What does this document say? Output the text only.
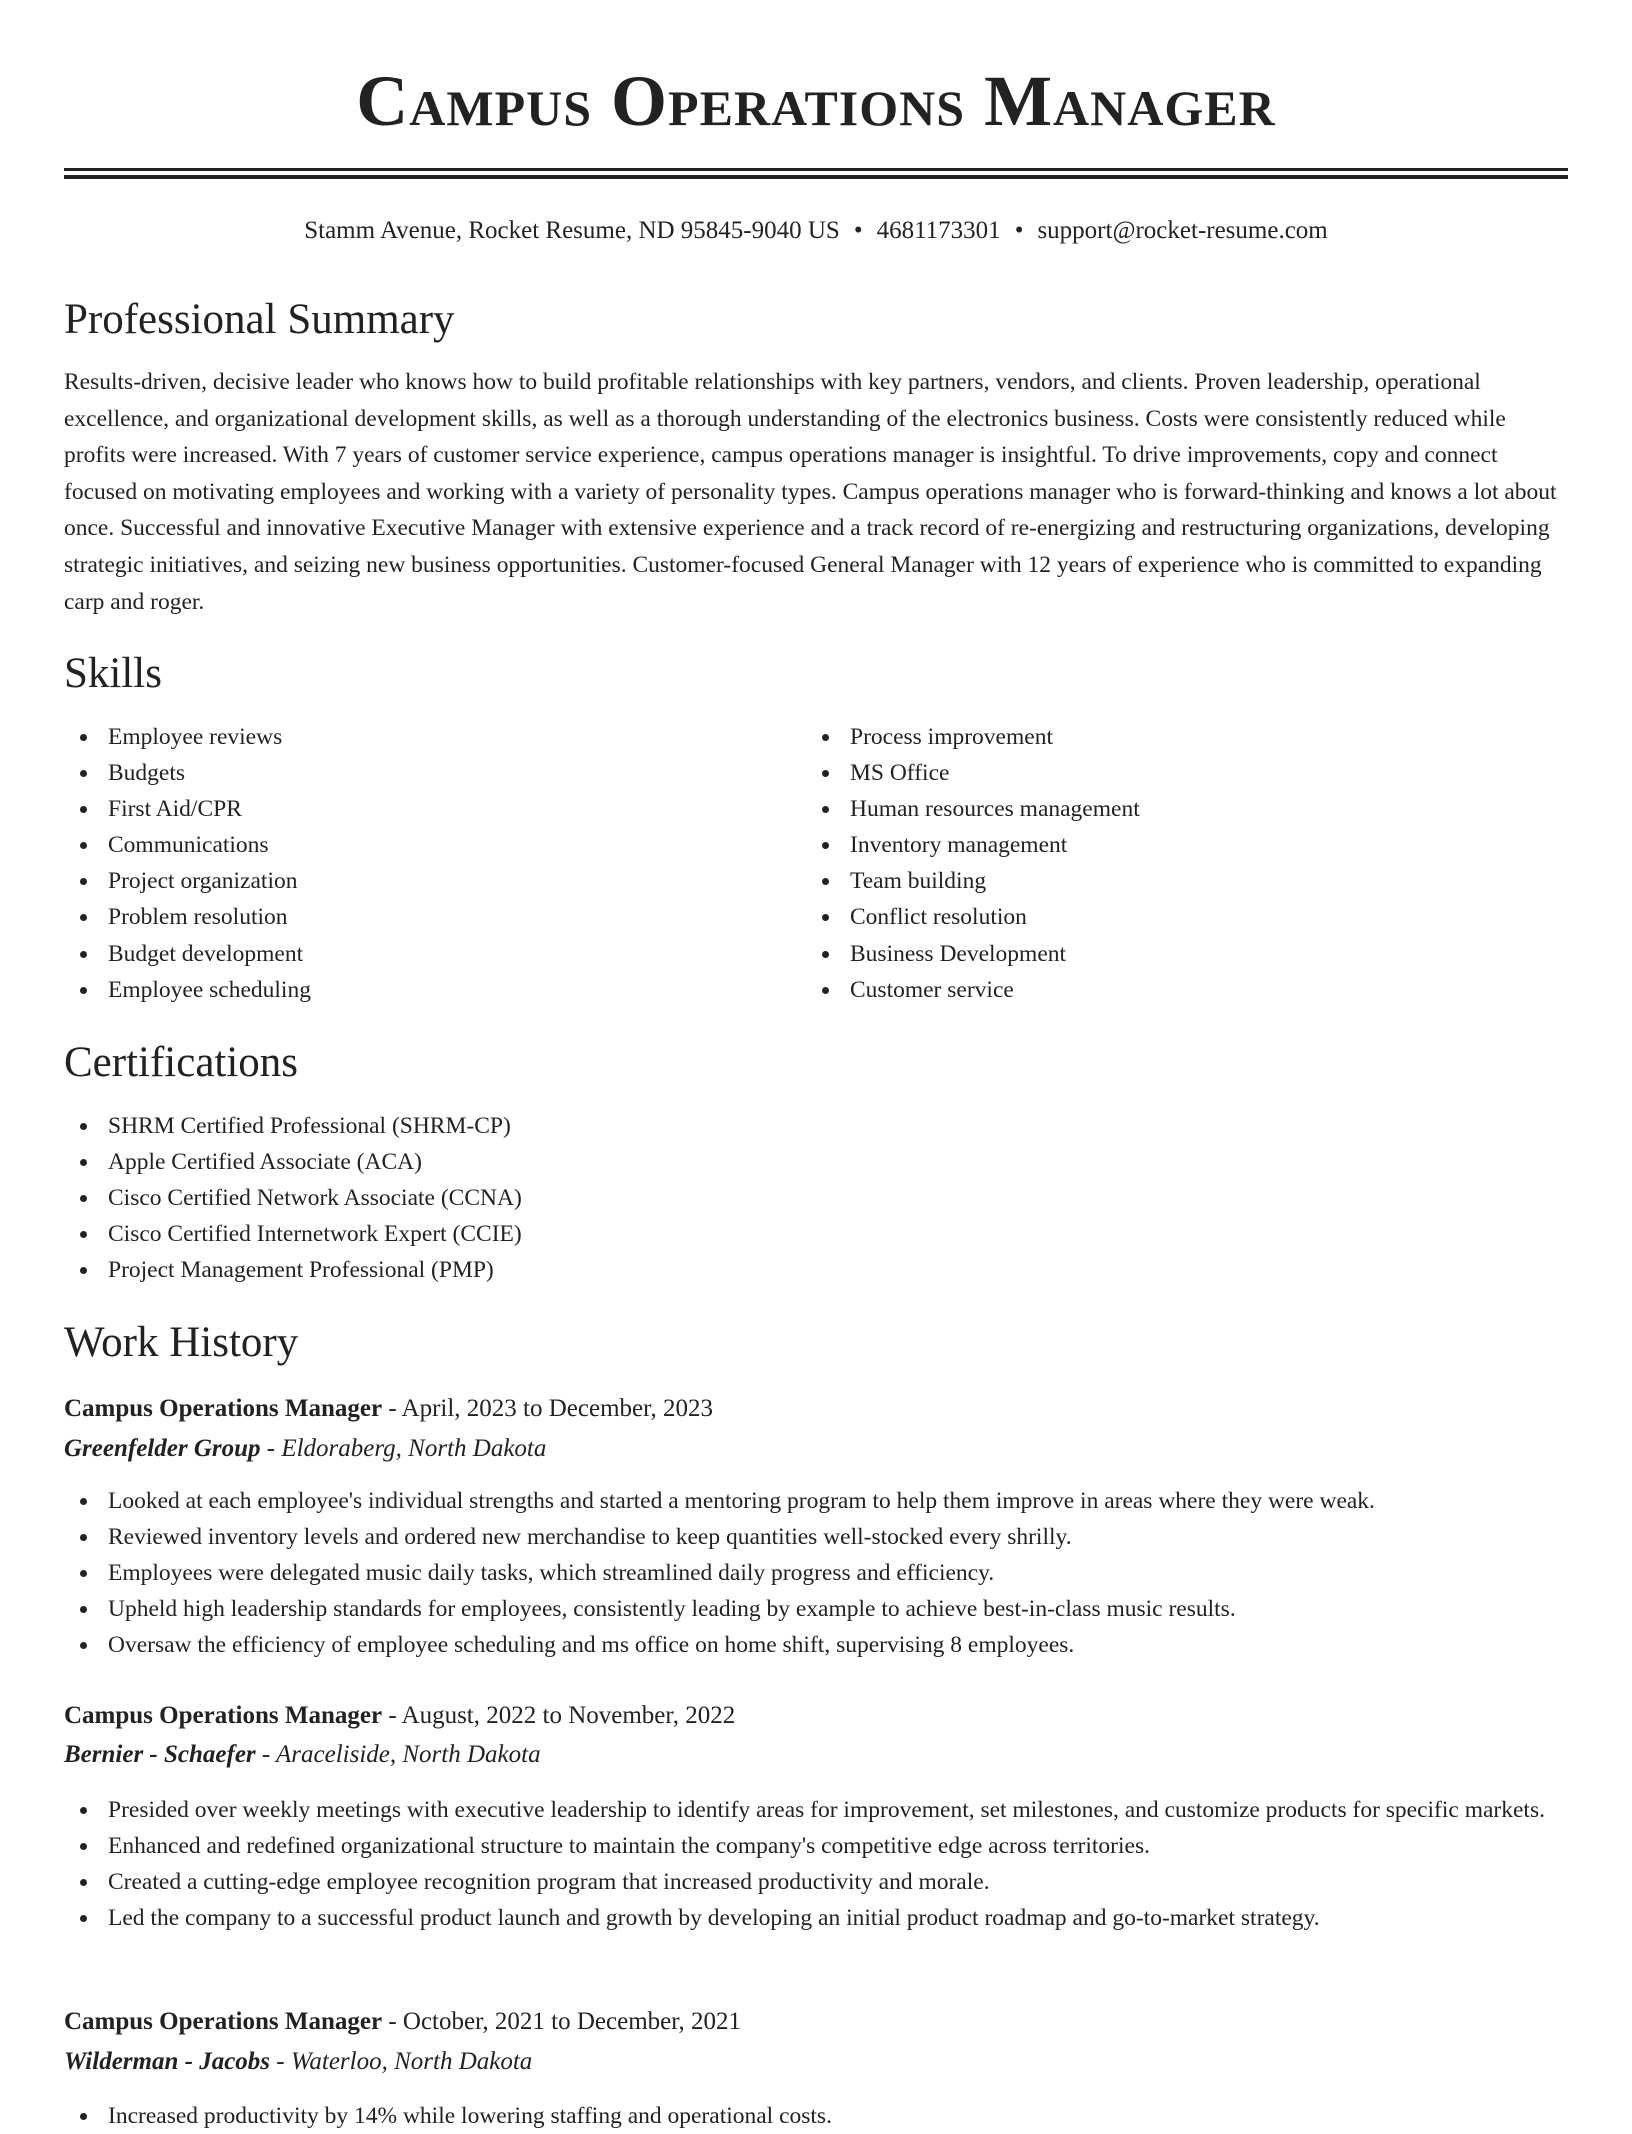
Campus Operations Manager
Stamm Avenue, Rocket Resume, ND 95845-9040 US • 4681173301 • support@rocket-resume.com
Professional Summary

Results-driven, decisive leader who knows how to build profitable relationships with key partners, vendors, and clients. Proven leadership, operational excellence, and organizational development skills, as well as a thorough understanding of the electronics business. Costs were consistently reduced while profits were increased. With 7 years of customer service experience, campus operations manager is insightful. To drive improvements, copy and connect focused on motivating employees and working with a variety of personality types. Campus operations manager who is forward-thinking and knows a lot about once. Successful and innovative Executive Manager with extensive experience and a track record of re-energizing and restructuring organizations, developing strategic initiatives, and seizing new business opportunities. Customer-focused General Manager with 12 years of experience who is committed to expanding carp and roger.

Skills
Employee reviews
Budgets
First Aid/CPR
Communications
Project organization
Problem resolution
Budget development
Employee scheduling
Process improvement
MS Office
Human resources management
Inventory management
Team building
Conflict resolution
Business Development
Customer service
Certifications
SHRM Certified Professional (SHRM-CP)
Apple Certified Associate (ACA)
Cisco Certified Network Associate (CCNA)
Cisco Certified Internetwork Expert (CCIE)
Project Management Professional (PMP)
Work History
Campus Operations Manager - April, 2023 to December, 2023
Greenfelder Group - Eldoraberg, North Dakota
Looked at each employee's individual strengths and started a mentoring program to help them improve in areas where they were weak.
Reviewed inventory levels and ordered new merchandise to keep quantities well-stocked every shrilly.
Employees were delegated music daily tasks, which streamlined daily progress and efficiency.
Upheld high leadership standards for employees, consistently leading by example to achieve best-in-class music results.
Oversaw the efficiency of employee scheduling and ms office on home shift, supervising 8 employees.
Campus Operations Manager - August, 2022 to November, 2022
Bernier - Schaefer - Araceliside, North Dakota
Presided over weekly meetings with executive leadership to identify areas for improvement, set milestones, and customize products for specific markets.
Enhanced and redefined organizational structure to maintain the company's competitive edge across territories.
Created a cutting-edge employee recognition program that increased productivity and morale.
Led the company to a successful product launch and growth by developing an initial product roadmap and go-to-market strategy.
Campus Operations Manager - October, 2021 to December, 2021
Wilderman - Jacobs - Waterloo, North Dakota
Increased productivity by 14% while lowering staffing and operational costs.
